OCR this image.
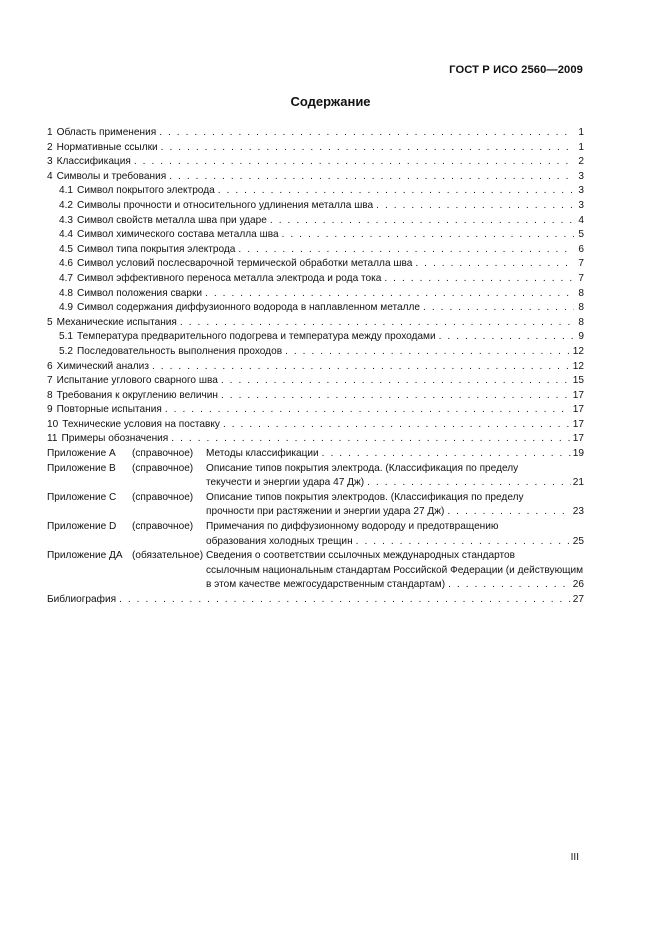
ГОСТ Р ИСО 2560—2009
Содержание
1 Область применения . . .	1
2 Нормативные ссылки . . .	1
3 Классификация . . .	2
4 Символы и требования . . .	3
4.1 Символ покрытого электрода . . .	3
4.2 Символы прочности и относительного удлинения металла шва . . .	3
4.3 Символ свойств металла шва при ударе . . .	4
4.4 Символ химического состава металла шва . . .	5
4.5 Символ типа покрытия электрода . . .	6
4.6 Символ условий послесварочной термической обработки металла шва . . .	7
4.7 Символ эффективного переноса металла электрода и рода тока . . .	7
4.8 Символ положения сварки . . .	8
4.9 Символ содержания диффузионного водорода в наплавленном металле . . .	8
5 Механические испытания . . .	8
5.1 Температура предварительного подогрева и температура между проходами . . .	9
5.2 Последовательность выполнения проходов . . .	12
6 Химический анализ . . .	12
7 Испытание углового сварного шва . . .	15
8 Требования к округлению величин . . .	17
9 Повторные испытания . . .	17
10 Технические условия на поставку . . .	17
11 Примеры обозначения . . .	17
Приложение А	(справочное)	Методы классификации . . .	19
Приложение В	(справочное)	Описание типов покрытия электрода. (Классификация по пределу
текучести и энергии удара 47 Дж) . . .	21
Приложение С	(справочное)	Описание типов покрытия электродов. (Классификация по пределу
прочности при растяжении и энергии удара 27 Дж) . . .	23
Приложение D	(справочное)	Примечания по диффузионному водороду и предотвращению
образования холодных трещин . . .	25
Приложение ДА (обязательное) Сведения о соответствии ссылочных международных стандартов
ссылочным национальным стандартам Российской Федерации (и действующим
в этом качестве межгосударственным стандартам) . . .	26
Библиография . . .	27
III
